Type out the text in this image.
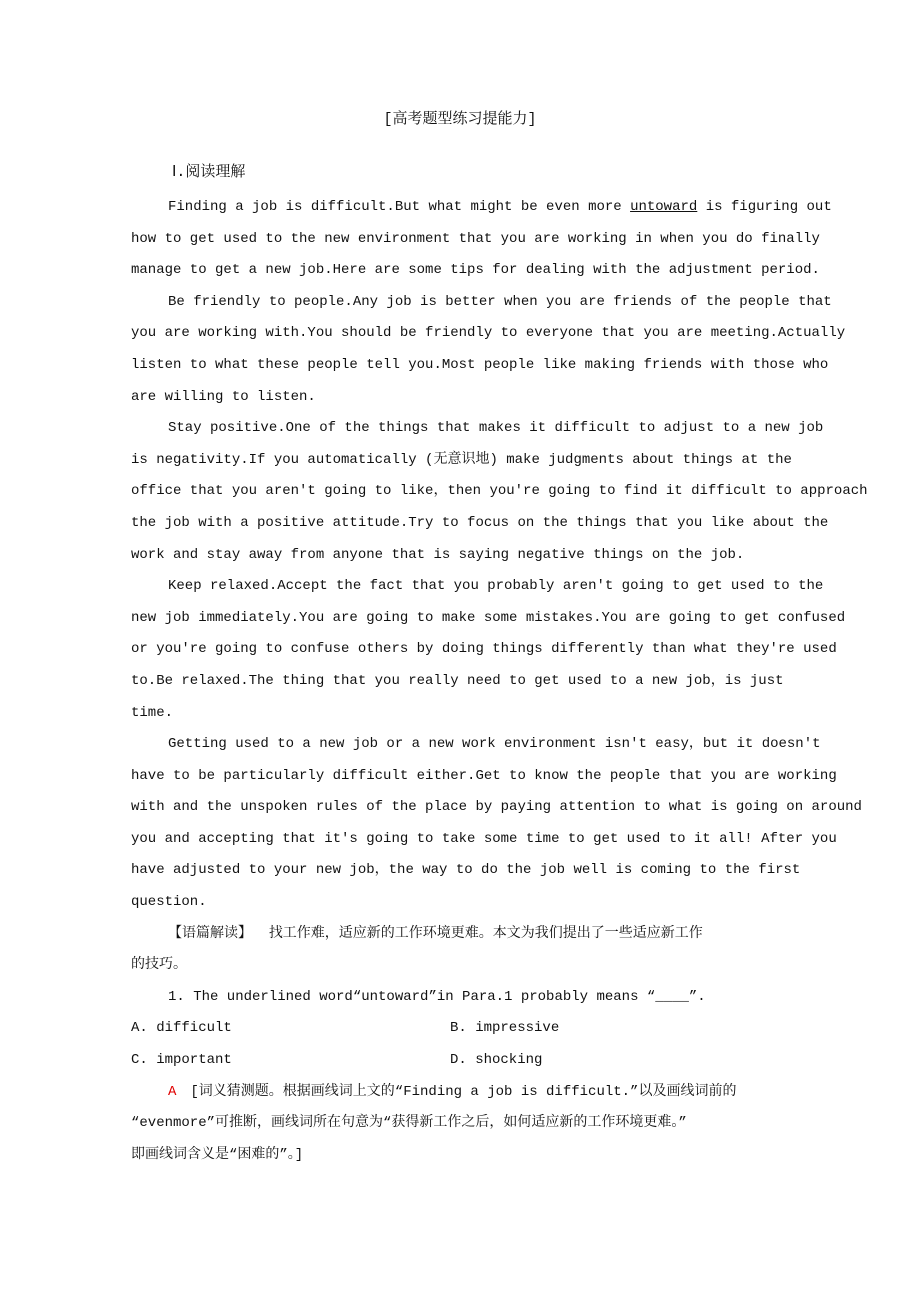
[高考题型练习提能力]
Ⅰ.阅读理解
Finding a job is difficult.But what might be even more untoward is figuring out
how to get used to the new environment that you are working in when you do finally
manage to get a new job.Here are some tips for dealing with the adjustment period.
Be friendly to people.Any job is better when you are friends of the people that
you are working with.You should be friendly to everyone that you are meeting.Actually
listen to what these people tell you.Most people like making friends with those who
are willing to listen.
Stay positive.One of the things that makes it difficult to adjust to a new job
is negativity.If you automatically (无意识地) make judgments about things at the
office that you aren't going to like，then you're going to find it difficult to approach
the job with a positive attitude.Try to focus on the things that you like about the
work and stay away from anyone that is saying negative things on the job.
Keep relaxed.Accept the fact that you probably aren't going to get used to the
new job immediately.You are going to make some mistakes.You are going to get confused
or you're going to confuse others by doing things differently than what they're used
to.Be relaxed.The thing that you really need to get used to a new job，is just
time.
Getting used to a new job or a new work environment isn't easy，but it doesn't
have to be particularly difficult either.Get to know the people that you are working
with and the unspoken rules of the place by paying attention to what is going on around
you and accepting that it's going to take some time to get used to it all! After you
have adjusted to your new job，the way to do the job well is coming to the first
question.
【语篇解读】 找工作难，适应新的工作环境更难。本文为我们提出了一些适应新工作
的技巧。
1. The underlined word“untoward”in Para.1 probably means “____”.
A. difficult	B. impressive
C. important	D. shocking
A [词义猜测题。根据画线词上文的“Finding a job is difficult.”以及画线词前的
“evenmore”可推断，画线词所在句意为“获得新工作之后，如何适应新的工作环境更难。”
即画线词含义是“困难的”。]
